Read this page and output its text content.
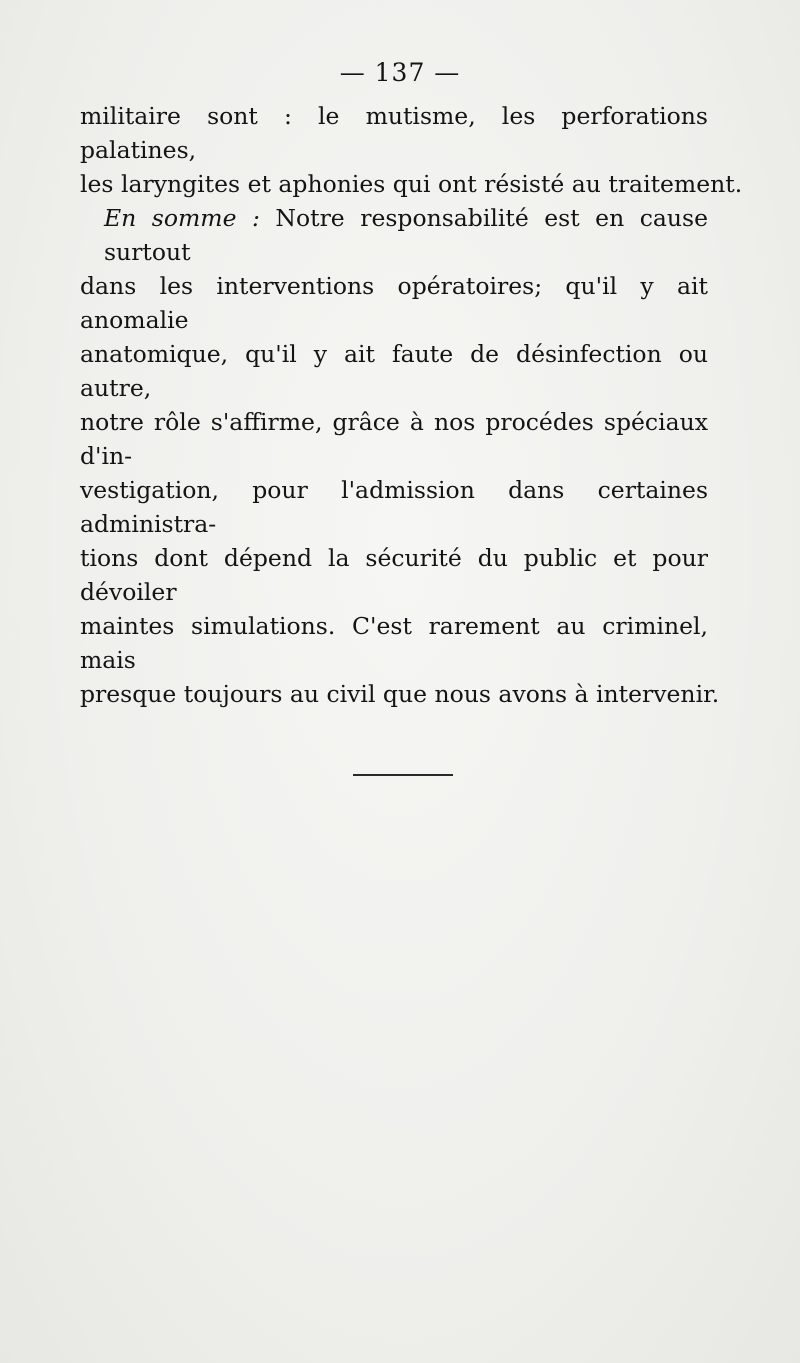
— 137 —
militaire sont : le mutisme, les perforations palatines,
les laryngites et aphonies qui ont résisté au traitement.
En somme : Notre responsabilité est en cause surtout
dans les interventions opératoires; qu'il y ait anomalie
anatomique, qu'il y ait faute de désinfection ou autre,
notre rôle s'affirme, grâce à nos procédes spéciaux d'in-
vestigation, pour l'admission dans certaines administra-
tions dont dépend la sécurité du public et pour dévoiler
maintes simulations. C'est rarement au criminel, mais
presque toujours au civil que nous avons à intervenir.
